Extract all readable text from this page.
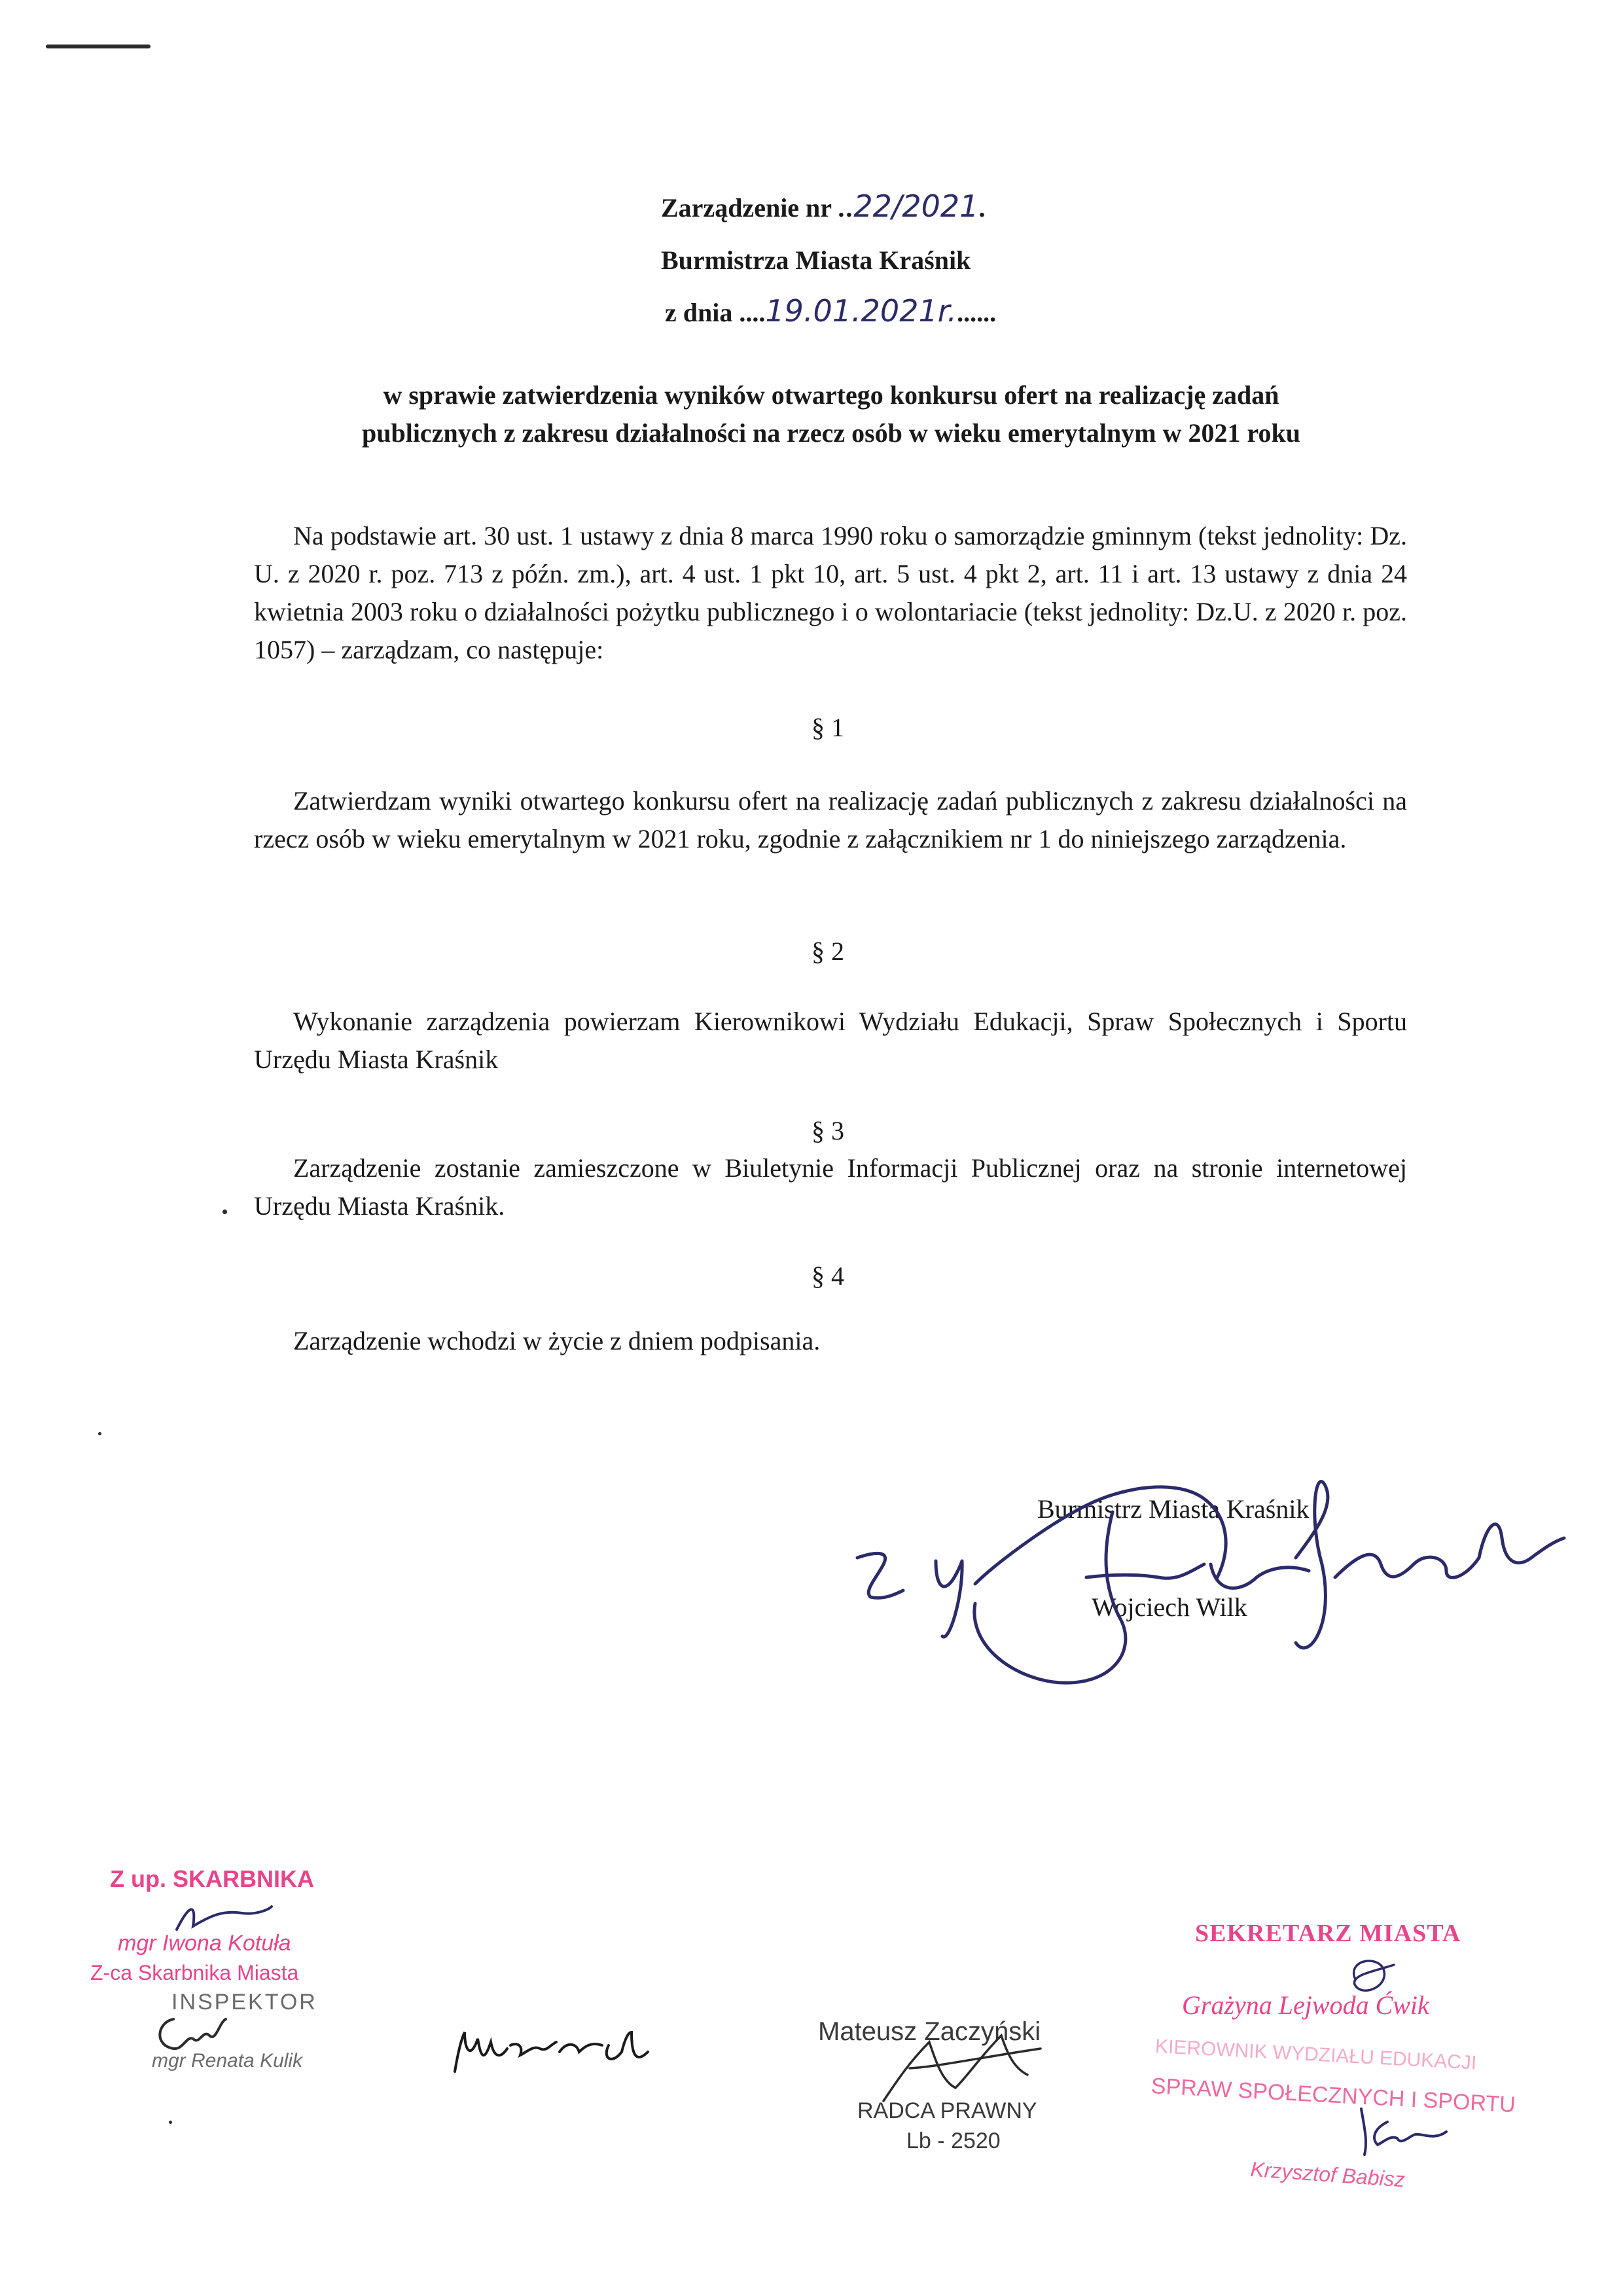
Zarządzenie nr ..22/2021.
Burmistrza Miasta Kraśnik
z dnia ....19.01.2021r.......
w sprawie zatwierdzenia wyników otwartego konkursu ofert na realizację zadań
publicznych z zakresu działalności na rzecz osób w wieku emerytalnym w 2021 roku
Na podstawie art. 30 ust. 1 ustawy z dnia 8 marca 1990 roku o samorządzie gminnym (tekst jednolity: Dz. U. z 2020 r. poz. 713 z późn. zm.), art. 4 ust. 1 pkt 10, art. 5 ust. 4 pkt 2, art. 11 i art. 13 ustawy z dnia 24 kwietnia 2003 roku o działalności pożytku publicznego i o wolontariacie (tekst jednolity: Dz.U. z 2020 r. poz. 1057) – zarządzam, co następuje:
§ 1
Zatwierdzam wyniki otwartego konkursu ofert na realizację zadań publicznych z zakresu działalności na rzecz osób w wieku emerytalnym w 2021 roku, zgodnie z załącznikiem nr 1 do niniejszego zarządzenia.
§ 2
Wykonanie zarządzenia powierzam Kierownikowi Wydziału Edukacji, Spraw Społecznych i Sportu Urzędu Miasta Kraśnik
§ 3
Zarządzenie zostanie zamieszczone w Biuletynie Informacji Publicznej oraz na stronie internetowej Urzędu Miasta Kraśnik.
§ 4
Zarządzenie wchodzi w życie z dniem podpisania.
Burmistrz Miasta Kraśnik
Wojciech Wilk
Z up. SKARBNIKA
mgr Iwona Kotuła
Z-ca Skarbnika Miasta
INSPEKTOR
mgr Renata Kulik
Mateusz Zaczyński
RADCA PRAWNY
Lb - 2520
SEKRETARZ MIASTA
Grażyna Lejwoda Ćwik
KIEROWNIK WYDZIAŁU EDUKACJI
SPRAW SPOŁECZNYCH I SPORTU
Krzysztof Babisz
